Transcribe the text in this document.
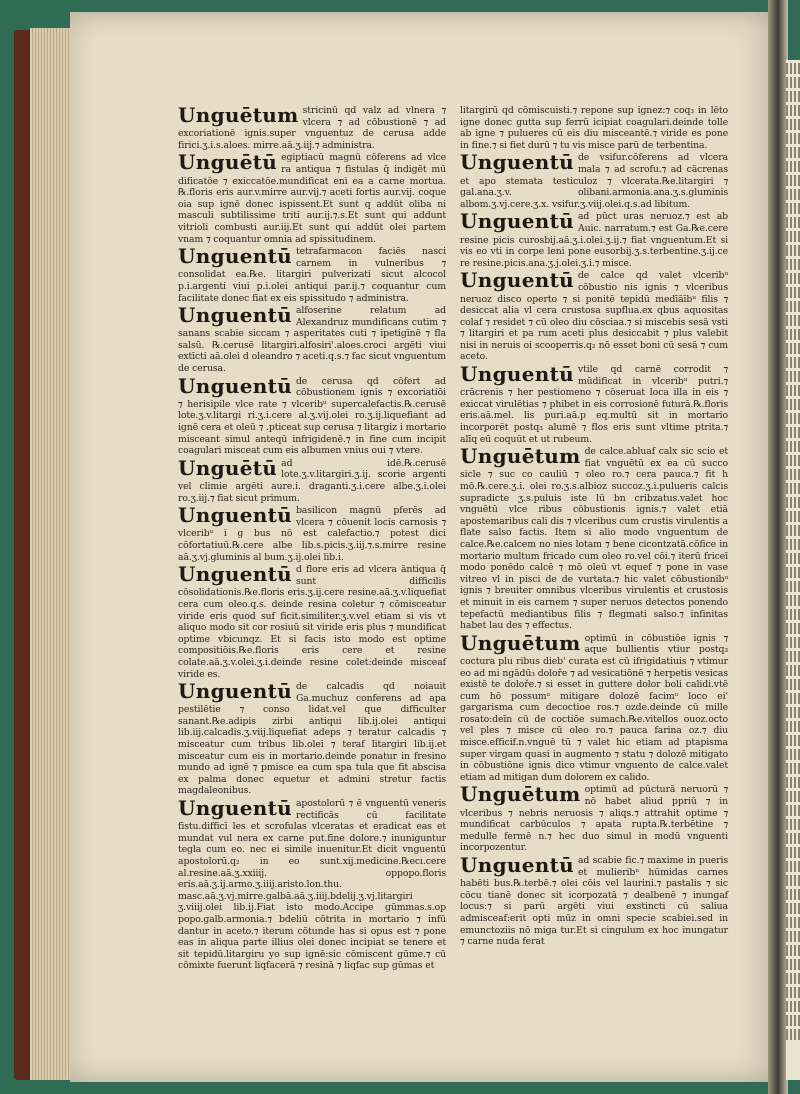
Unguētum stricinū qd valz ad vlnera ⁊ vlcera ⁊ ad cōbustionē ⁊ ad excoriationē ignis.super vnguentuz de cerusa adde firici.ʒ.i.s.aloes. mirre.aā.ʒ.iij.⁊ administra.
Unguētū egiptiacū magnū cōferens ad vlce ra antiqua ⁊ fistulas q̄ indigēt mū dificatōe ⁊ exiccatōe.mundificat eni ea a carne mortua. ℞.floris eris aur.v.mirre aur.vij.⁊ aceti fortis aur.vij. coque oia sup ignē donec ispissent.Et sunt q addūt oliba ni masculi subtilissime triti aur.ij.⁊.s.Et sunt qui addunt vitrioli combusti aur.iij.Et sunt qui addūt olei partem vnam ⁊ coquantur omnia ad spissitudinem.
Unguentū tetrafarmacon faciēs nasci carnem in vulneribus ⁊ consolidat ea.℞e. litargiri pulverizati sicut alcocol p.i.argenti viui p.i.olei antiqui par.ij.⁊ coquantur cum facilitate donec fiat ex eis spissitudo ⁊ administra.
Unguentū alfoserine relatum ad Alexandruz mundificans cutim ⁊ sanans scabie siccam ⁊ asperitates cuti ⁊ ipetigīnē ⁊ fla salsū. ℞.cerusē litargiri.alfosiri'.aloes.croci argēti viui extīcti aā.olei d oleandro ⁊ aceti.q.s.⁊ fac sicut vnguentum de cerusa.
Unguentū de cerusa qd cōfert ad cōbustionem ignis ⁊ excoriatiōi ⁊ herisipile vlce rate ⁊ vlceribᵘ supercalefactis.℞.cerusē lote.ʒ.v.litargi ri.ʒ.i.cere al.ʒ.vij.olei ro.ʒ.ij.liquefiant ad ignē cera et oleū ⁊ .pticeat sup cerusa ⁊ litargiz i mortario misceant simul anteqū infrigidenē.⁊ in fine cum incipit coagulari misceat cum eis albumen vnius oui ⁊ vtere.
Unguētū ad idē.℞.cerusē lote.ʒ.v.litargiri.ʒ.ij. scorie argenti vel climie argēti aure.i. draganti.ʒ.i.cere albe.ʒ.i.olei ro.ʒ.iij.⁊ fiat sicut primum.
Unguentū basilicon magnū pferēs ad vlcera ⁊ cōuenit locis carnosis ⁊ vlceribᵘ i g bus nō est calefactio.⁊ potest dici cōfortatiuū.℞.cere albe lib.s.picis.ʒ.iij.⁊.s.mirre resine aā.ʒ.vj.gluminis al bum.ʒ.ij.olei lib.i.
Unguentū d flore eris ad vlcera āntiqua q̄ sunt difficilis cōsolidationis.℞e.floris eris.ʒ.ij.cere resine.aā.ʒ.v.liquefiat cera cum oleo.q.s. deinde resina coletur ⁊ cōmisceatur viride eris quod suf ficit.similiter.ʒ.v.vel etiam si vis vt aliquo modo sit cor rosiuū sit viride eris plus ⁊ mundificat optime vbicunqz. Et si facis isto modo est optime compositiōis.℞e.floris eris cere et resine colate.aā.ʒ.v.olei.ʒ.i.deinde resine colet:deinde misceaf viride es.
Unguentū de calcadis qd noiauit Ga.muchuz conferens ad apa pestilētie ⁊ conso lidat.vel que difficulter sanant.℞e.adipis zirbi antiqui lib.ij.olei antiqui lib.iij.calcadis.ʒ.viij.liquefiat adeps ⁊ teratur calcadis ⁊ misceatur cum tribus lib.olei ⁊ teraf litargiri lib.ij.et misceatur cum eis in mortario.deinde ponatur in fresino mundo ad ignē ⁊ pmisce ea cum spa tula que fit abscisa ex palma donec equetur et admini stretur factis magdaleonibus.
Unguentū apostolorū ⁊ ē vnguentū veneris rectificās cū facilitate fistu.difficī les et scrofulas vlceratas et eradicat eas et mundat vul nera ex carne put.fine dolore.⁊ inuniguntur tegla cum eo. nec ei simile inuenitur.Et dicit vnguentū apostolorū.q₂ in eo sunt.xij.medicine.℞ecı.cere al.resine.aā.ʒ.xxiiij. oppopo.floris eris.aā.ʒ.ij.armo.ʒ.iiij.aristo.lon.thu. masc.aā.ʒ.vj.mirre.galbā.aā.ʒ.iiij.bdelij.ʒ.vj.litargiri ʒ.viiij.olei lib.ij.Fiat isto modo.Accipe gūmmas.s.op popo.galb.armonia.⁊ bdeliū cōtrita in mortario ⁊ infū dantur in aceto.⁊ iterum cōtunde has si opus est ⁊ pone eas in aliqua parte illius olei donec incipiat se tenere et sit tepidū.litargiru yo sup ignē:sic cōmiscent gūme.⁊ cū cōmixte fuerunt liqfacerā ⁊ resinā ⁊ liqfac sup gūmas et
litargirū qd cōmiscuisti.⁊ repone sup ignez:⁊ coq₃ in lēto igne donec gutta sup ferrū icipiat coagulari.deinde tolle ab igne ⁊ pulueres cū eis diu misceantē.⁊ viride es pone in fine.⁊ si fiet durū ⁊ tu vis misce parū de terbentina.
Unguentū de vsifur.cōferens ad vlcera mala ⁊ ad scrofu.⁊ ad cācrenas et apo stemata testiculoz ⁊ vlcerata.℞e.litargiri ⁊ gal.ana.ʒ.v. olibani.armonia.ana.ʒ.s.gluminis albom.ʒ.vj.cere.ʒ.x. vsifur.ʒ.viij.olei.q.s.ad libitum.
Unguentū ad pūct uras neruoz.⁊ est ab Auic. narratum.⁊ est Ga.℞e.cere resine picis curosbij.aā.ʒ.i.olei.ʒ.ij.⁊ fiat vnguentum.Et si vis eo vti in corpe leni pone eusorbij.ʒ.s.terbentine.ʒ.ij.ce re resine.picis.ana.ʒ.j.olei.ʒ.i.⁊ misce.
Unguentū de calce qd valet vlceribᵘ cōbustio nis ignis ⁊ vlceribus neruoz disco operto ⁊ si ponitē tepidū medīāībᵘ filis ⁊ desiccat alia vl cera crustosa supflua.ex qbus aquositas colaf ⁊ residet ⁊ cū oleo diu cōsciaa.⁊ si miscebis sesā vsti ⁊ litargiri et pa rum aceti plus desiccabit ⁊ plus valebit nisi in neruis oi scooperris.q₂ nō esset boni cū sesā ⁊ cum aceto.
Unguentū vtile qd carnē corrodit ⁊ mūdificat in vlceribᵘ putri.⁊ crācrenis ⁊ her pestiomeno ⁊ cōseruat loca illa in eis ⁊ exiccat virulētias ⁊ phibet in eis corrosionē futurā.℞.floris eris.aā.mel. lis puri.aā.p eq.multū sit in mortario incorporēt postq₃ alumē ⁊ flos eris sunt vltime ptrita.⁊ alīq eū coquūt et ut rubeum.
Unguētum de calce.abluaf calx sic scio et fiat vnguētū ex ea cū succo sicle ⁊ suc co cauliū ⁊ oleo ro.⁊ cera pauca.⁊ fit h mō.℞.cere.ʒ.i. olei ro.ʒ.s.albioz succoz.ʒ.i.pulueris calcis supradicte ʒ.s.puluis iste lū bn cribzatus.valet hoc vnguētū vlce ribus cōbustionis ignis.⁊ valet etiā apostemaribus cali dis ⁊ vlceribus cum crustis virulentis a flate salso factis. Item si alio modo vnguentum de calce.℞e.calcem no nies lotam ⁊ bene cicontzatā.cōfice in mortario multum fricado cum oleo ro.vel cōi.⁊ iterū friceī modo ponēdo calcē ⁊ mō oleū vt equef ⁊ pone in vase vitreo vl in pisci de de vurtata.⁊ hic valet cōbustionibᵘ ignis ⁊ breuiter omnibus vlceribus virulentis et crustosis et minuit in eis carnem ⁊ super neruos detectos ponendo tepefactū mediantibus filis ⁊ flegmati salso.⁊ infinitas habet lau des ⁊ effectus.
Unguētum optimū in cōbustiōe ignis ⁊ aque bullientis vtiur postq₃ coctura plu ribus dieb' curata est cū ifrigidatiuis ⁊ vtimur eo ad mi ngādū₃ doloře ⁊ ad vesicatiōnē ⁊ herpetis vesicas existē te doloře.⁊ si esset in guttere dolor boli calidi.vtē cum hō possumᵘ mitigare dolozē facimᵘ loco ei' gargarisma cum decoctioe ros.⁊ ozde.deinde cū mille rosato:deīn cū de coctiōe sumach.℞e.vitellos ouoz.octo vel ples ⁊ misce cū oleo ro.⁊ pauca farina oz.⁊ diu misce.efficif.n.vnguē tū ⁊ valet hic etiam ad ptapisma super virgam quasi in augmento ⁊ statu ⁊ dolozē mitigato in cōbustiōne ignis dico vtimur vnguento de calce.valet etiam ad mitigan dum dolorem ex calido.
Unguētum optimū ad pūcturā neruorū ⁊ nō habet aliud ppriū ⁊ in vlceribus ⁊ nebris neruosis ⁊ aliqs.⁊ attrahit optime ⁊ mundificat carbūculos ⁊ apata rupta.℞.terbētine ⁊ medulle fermē n.⁊ hec duo simul in modū vnguenti incorpozentur.
Unguentū ad scabie fic.⁊ maxime in pueris et mulieribᵘ hūmidas carnes habēti bus.℞.terbē.⁊ olei cōis vel laurini.⁊ pastalis ⁊ sic cōcu tianē donec sit icorpozatā ⁊ dealbenē ⁊ inungaf locus:⁊ si parū argēti viui exstincti cū saliua admisceaf:erit opti mūz in omni specie scabiei.sed in emunctoziis nō miga tur.Et si cingulum ex hoc inungatur ⁊ carne nuda ferat
